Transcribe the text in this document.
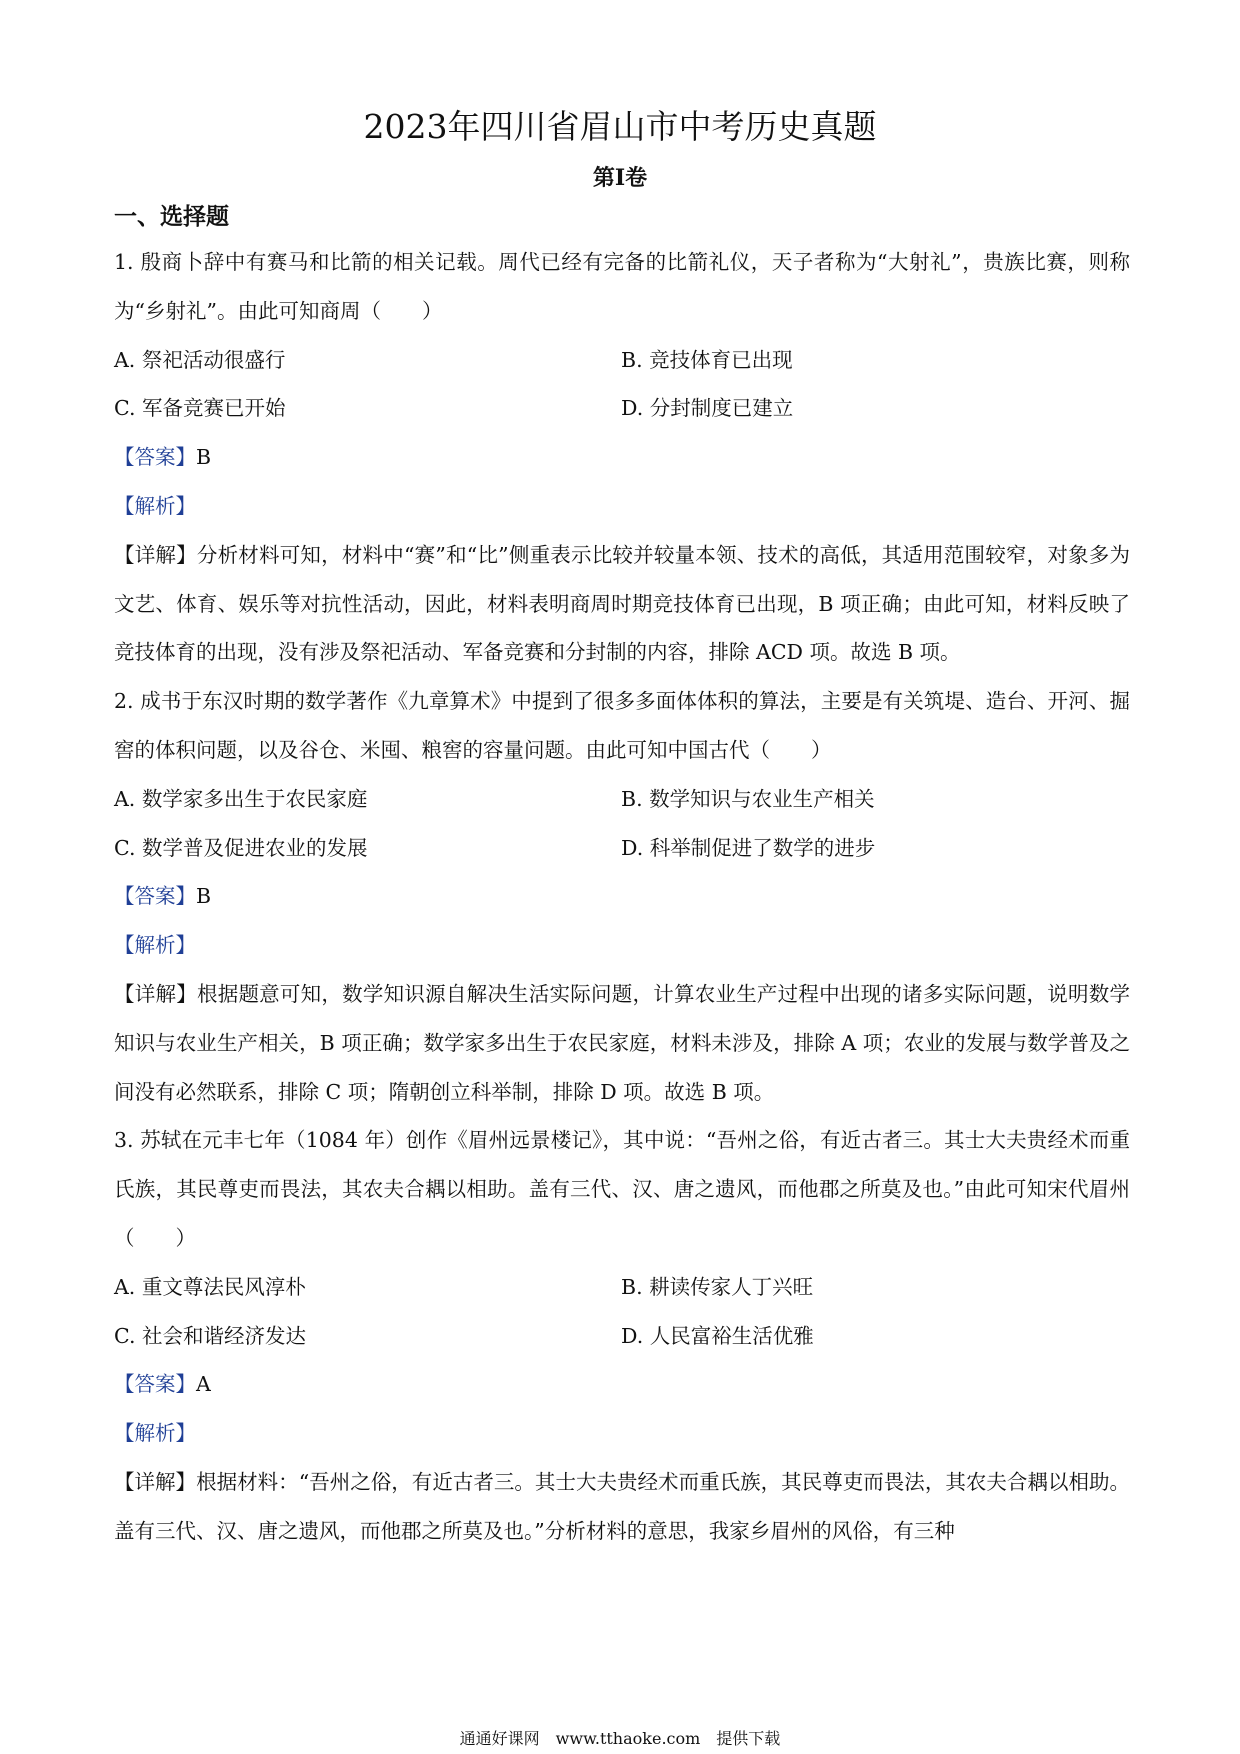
2023年四川省眉山市中考历史真题
第I卷
一、选择题
1. 殷商卜辞中有赛马和比箭的相关记载。周代已经有完备的比箭礼仪，天子者称为“大射礼”，贵族比赛，则称为“乡射礼”。由此可知商周（　　）
A. 祭祀活动很盛行	B. 竞技体育已出现
C. 军备竞赛已开始	D. 分封制度已建立
【答案】B
【解析】
【详解】分析材料可知，材料中“赛”和“比”侧重表示比较并较量本领、技术的高低，其适用范围较窄，对象多为文艺、体育、娱乐等对抗性活动，因此，材料表明商周时期竞技体育已出现，B 项正确；由此可知，材料反映了竞技体育的出现，没有涉及祭祀活动、军备竞赛和分封制的内容，排除 ACD 项。故选 B 项。
2. 成书于东汉时期的数学著作《九章算术》中提到了很多多面体体积的算法，主要是有关筑堤、造台、开河、掘窖的体积问题，以及谷仓、米囤、粮窖的容量问题。由此可知中国古代（　　）
A. 数学家多出生于农民家庭	B. 数学知识与农业生产相关
C. 数学普及促进农业的发展	D. 科举制促进了数学的进步
【答案】B
【解析】
【详解】根据题意可知，数学知识源自解决生活实际问题，计算农业生产过程中出现的诸多实际问题，说明数学知识与农业生产相关，B 项正确；数学家多出生于农民家庭，材料未涉及，排除 A 项；农业的发展与数学普及之间没有必然联系，排除 C 项；隋朝创立科举制，排除 D 项。故选 B 项。
3. 苏轼在元丰七年（1084 年）创作《眉州远景楼记》，其中说：“吾州之俗，有近古者三。其士大夫贵经术而重氏族，其民尊吏而畏法，其农夫合耦以相助。盖有三代、汉、唐之遗风，而他郡之所莫及也。”由此可知宋代眉州（　　）
A. 重文尊法民风淳朴	B. 耕读传家人丁兴旺
C. 社会和谐经济发达	D. 人民富裕生活优雅
【答案】A
【解析】
【详解】根据材料：“吾州之俗，有近古者三。其士大夫贵经术而重氏族，其民尊吏而畏法，其农夫合耦以相助。盖有三代、汉、唐之遗风，而他郡之所莫及也。”分析材料的意思，我家乡眉州的风俗，有三种
通通好课网　www.tthaoke.com　提供下载
